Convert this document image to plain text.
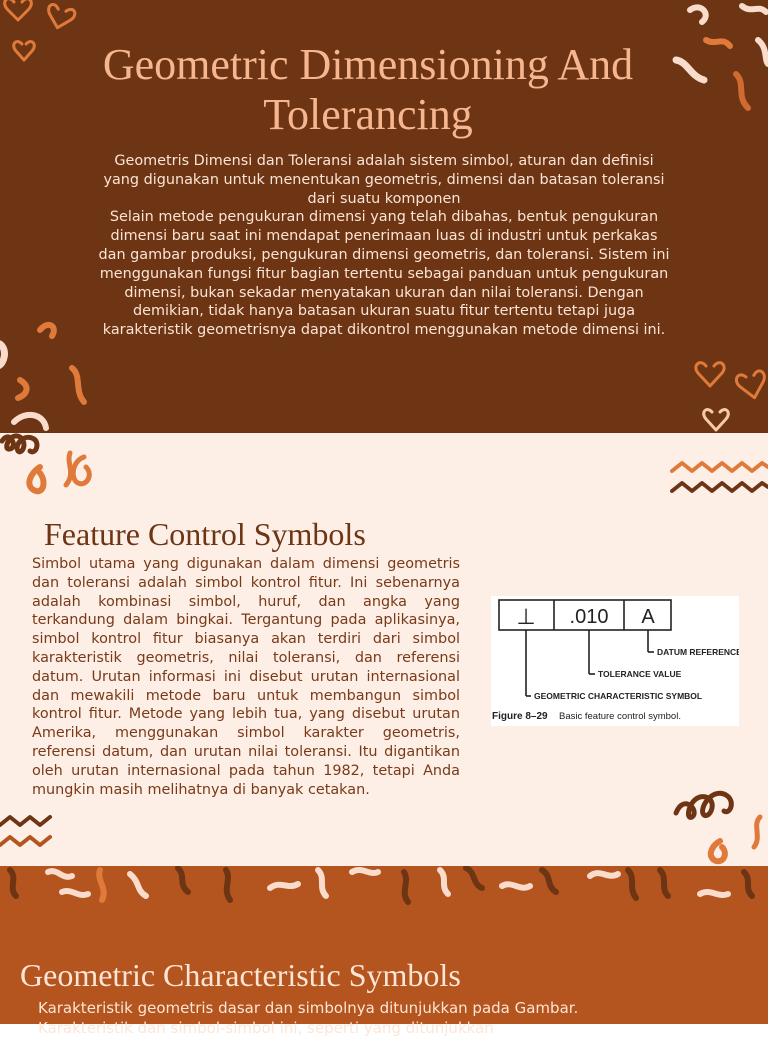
Geometric Dimensioning And Tolerancing

Geometris Dimensi dan Toleransi adalah sistem simbol, aturan dan definisi yang digunakan untuk menentukan geometris, dimensi dan batasan toleransi dari suatu komponen

Selain metode pengukuran dimensi yang telah dibahas, bentuk pengukuran dimensi baru saat ini mendapat penerimaan luas di industri untuk perkakas dan gambar produksi, pengukuran dimensi geometris, dan toleransi. Sistem ini menggunakan fungsi fitur bagian tertentu sebagai panduan untuk pengukuran dimensi, bukan sekadar menyatakan ukuran dan nilai toleransi. Dengan demikian, tidak hanya batasan ukuran suatu fitur tertentu tetapi juga karakteristik geometrisnya dapat dikontrol menggunakan metode dimensi ini.

Feature Control Symbols
Simbol utama yang digunakan dalam dimensi geometris dan toleransi adalah simbol kontrol fitur. Ini sebenarnya adalah kombinasi simbol, huruf, dan angka yang terkandung dalam bingkai. Tergantung pada aplikasinya, simbol kontrol fitur biasanya akan terdiri dari simbol karakteristik geometris, nilai toleransi, dan referensi datum. Urutan informasi ini disebut urutan internasional dan mewakili metode baru untuk membangun simbol kontrol fitur. Metode yang lebih tua, yang disebut urutan Amerika, menggunakan simbol karakter geometris, referensi datum, dan urutan nilai toleransi. Itu digantikan oleh urutan internasional pada tahun 1982, tetapi Anda mungkin masih melihatnya di banyak cetakan.
⊥ .010 A
DATUM REFERENCE
TOLERANCE VALUE
GEOMETRIC CHARACTERISTIC SYMBOL
Figure 8–29 Basic feature control symbol.
Geometric Characteristic Symbols
Karakteristik geometris dasar dan simbolnya ditunjukkan pada Gambar.
Karakteristik dan simbol-simbol ini, seperti yang ditunjukkan
